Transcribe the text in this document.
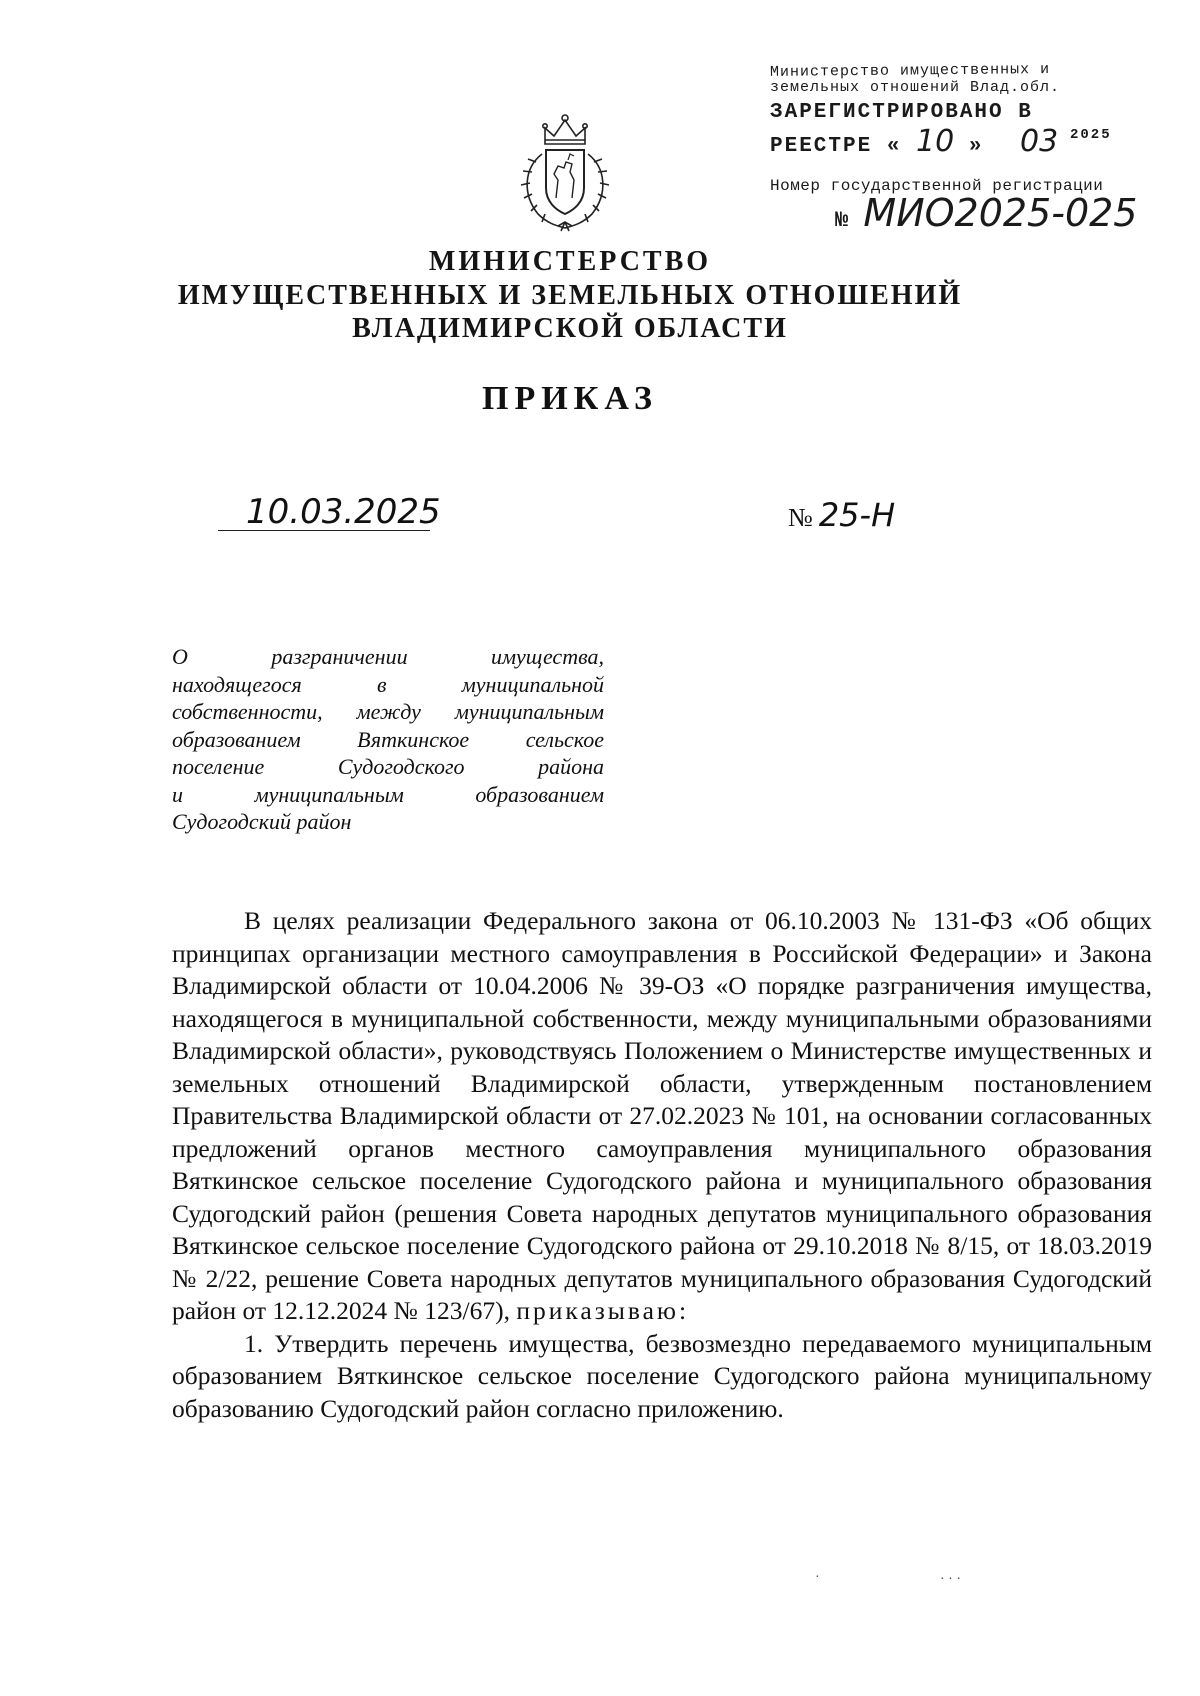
Министерство имущественных и
земельных отношений Влад.обл.
ЗАРЕГИСТРИРОВАНО В
РЕЕСТРЕ « 10 » 03 2025
Номер государственной регистрации
№ МИО2025-025
МИНИСТЕРСТВО
ИМУЩЕСТВЕННЫХ И ЗЕМЕЛЬНЫХ ОТНОШЕНИЙ
ВЛАДИМИРСКОЙ ОБЛАСТИ
ПРИКАЗ
10.03.2025	№ 25-Н
О разграничении имущества,
находящегося в муниципальной
собственности, между муниципальным
образованием Вяткинское сельское
поселение Судогодского района
и муниципальным образованием
Судогодский район

В целях реализации Федерального закона от 06.10.2003 № 131-ФЗ «Об общих принципах организации местного самоуправления в Российской Федерации» и Закона Владимирской области от 10.04.2006 № 39-ОЗ «О порядке разграничения имущества, находящегося в муниципальной собственности, между муниципальными образованиями Владимирской области», руководствуясь Положением о Министерстве имущественных и земельных отношений Владимирской области, утвержденным постановлением Правительства Владимирской области от 27.02.2023 № 101, на основании согласованных предложений органов местного самоуправления муниципального образования Вяткинское сельское поселение Судогодского района и муниципального образования Судогодский район (решения Совета народных депутатов муниципального образования Вяткинское сельское поселение Судогодского района от 29.10.2018 № 8/15, от 18.03.2019 № 2/22, решение Совета народных депутатов муниципального образования Судогодский район от 12.12.2024 № 123/67), приказываю:

1. Утвердить перечень имущества, безвозмездно передаваемого муниципальным образованием Вяткинское сельское поселение Судогодского района муниципальному образованию Судогодский район согласно приложению.

·	· · ·
